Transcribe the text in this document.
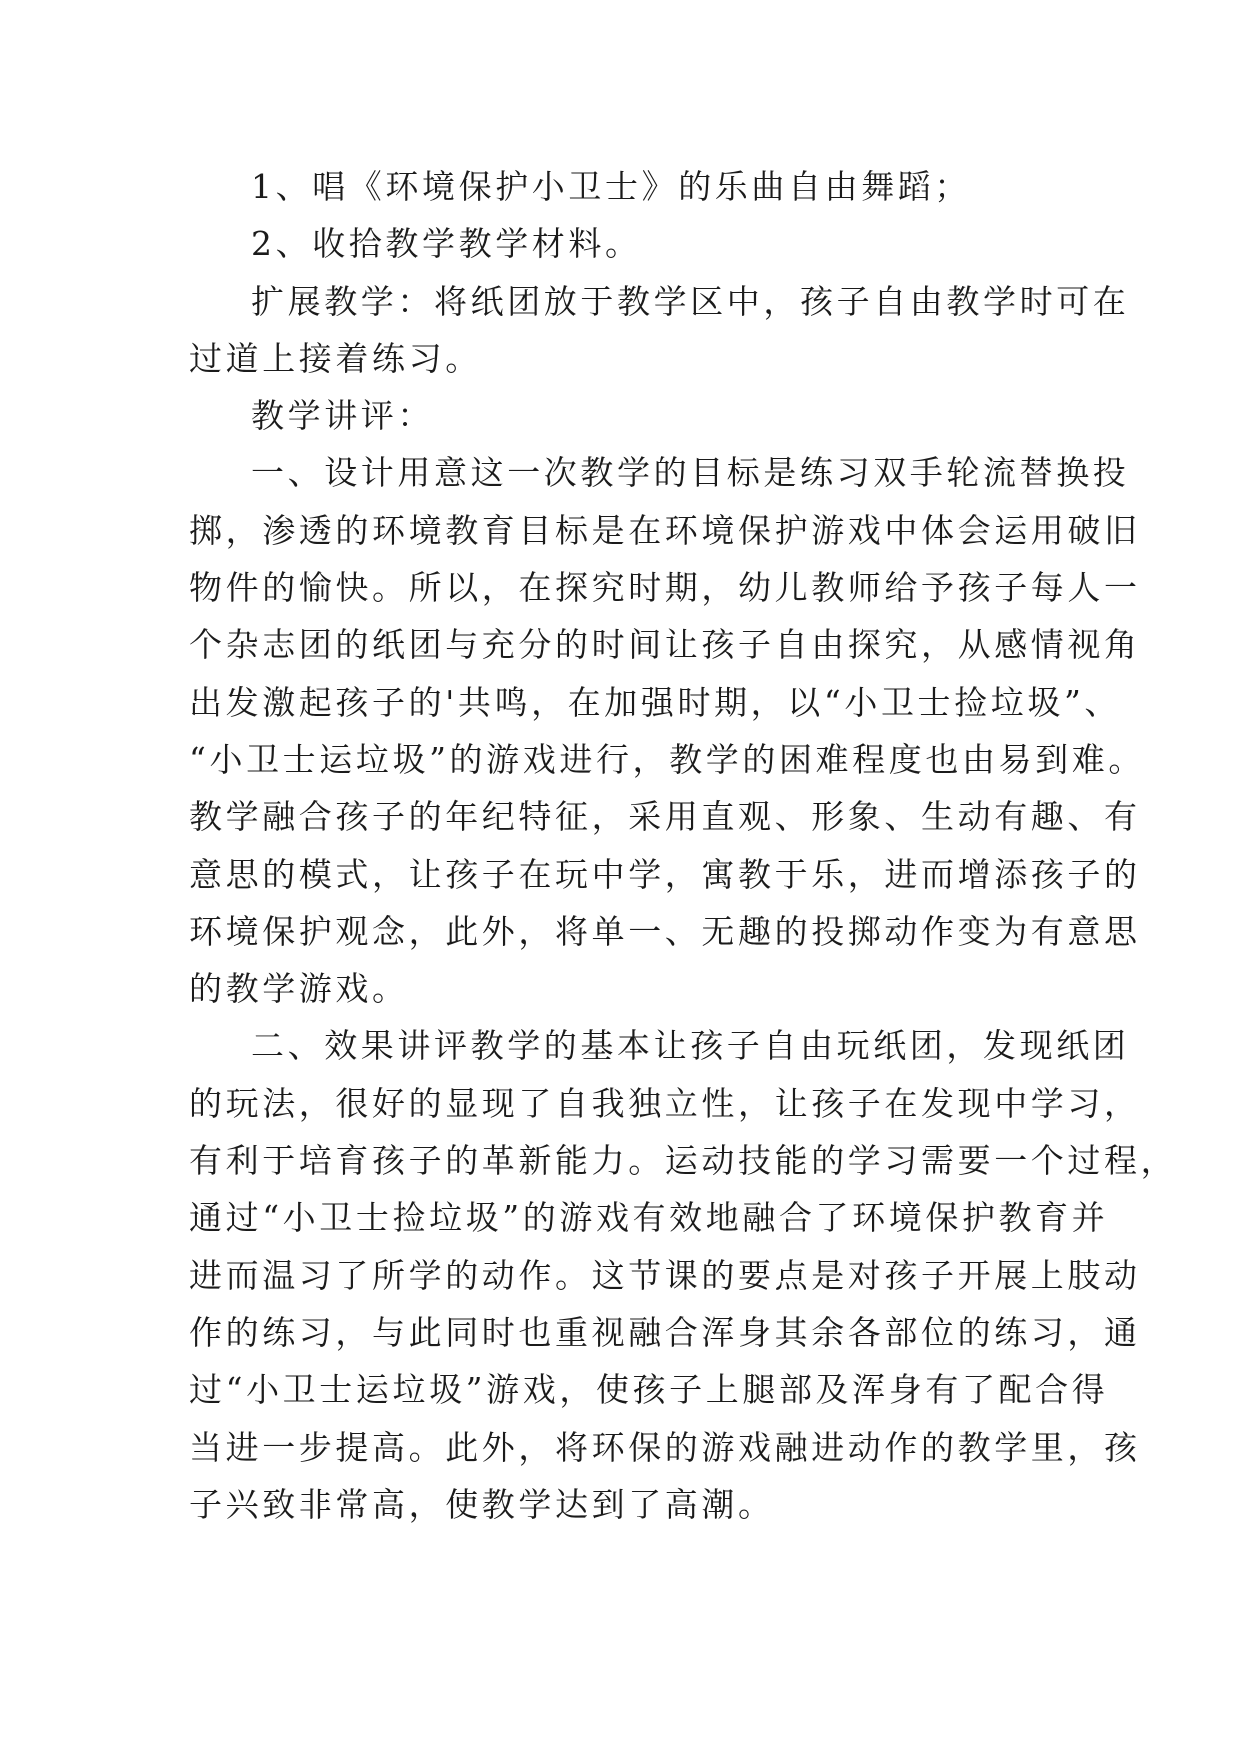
1、唱《环境保护小卫士》的乐曲自由舞蹈；
2、收拾教学教学材料。
扩展教学：将纸团放于教学区中，孩子自由教学时可在
过道上接着练习。
教学讲评：
一、设计用意这一次教学的目标是练习双手轮流替换投
掷，渗透的环境教育目标是在环境保护游戏中体会运用破旧
物件的愉快。所以，在探究时期，幼儿教师给予孩子每人一
个杂志团的纸团与充分的时间让孩子自由探究，从感情视角
出发激起孩子的'共鸣，在加强时期，以“小卫士捡垃圾”、
“小卫士运垃圾”的游戏进行，教学的困难程度也由易到难。
教学融合孩子的年纪特征，采用直观、形象、生动有趣、有
意思的模式，让孩子在玩中学，寓教于乐，进而增添孩子的
环境保护观念，此外，将单一、无趣的投掷动作变为有意思
的教学游戏。
二、效果讲评教学的基本让孩子自由玩纸团，发现纸团
的玩法，很好的显现了自我独立性，让孩子在发现中学习，
有利于培育孩子的革新能力。运动技能的学习需要一个过程，
通过“小卫士捡垃圾”的游戏有效地融合了环境保护教育并
进而温习了所学的动作。这节课的要点是对孩子开展上肢动
作的练习，与此同时也重视融合浑身其余各部位的练习，通
过“小卫士运垃圾”游戏，使孩子上腿部及浑身有了配合得
当进一步提高。此外，将环保的游戏融进动作的教学里，孩
子兴致非常高，使教学达到了高潮。
